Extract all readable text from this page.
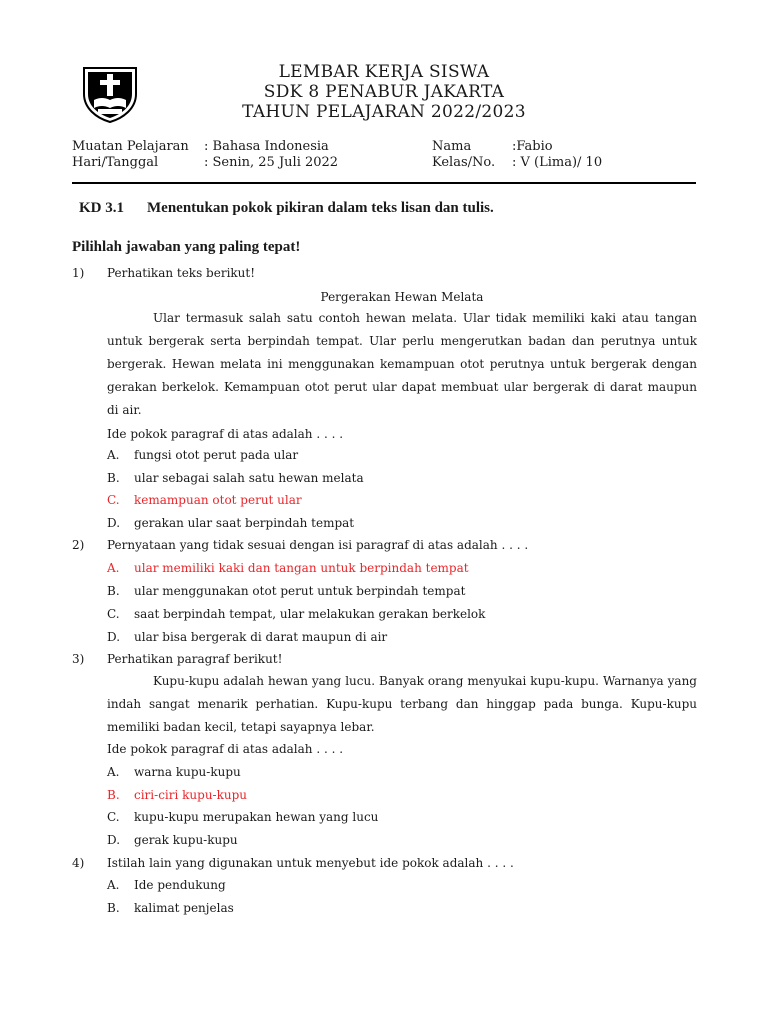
LEMBAR KERJA SISWA
SDK 8 PENABUR JAKARTA
TAHUN PELAJARAN 2022/2023
Muatan Pelajaran : Bahasa Indonesia
Hari/Tanggal	: Senin, 25 Juli 2022
Nama	:Fabio
Kelas/No. : V (Lima)/ 10
KD 3.1 Menentukan pokok pikiran dalam teks lisan dan tulis.
Pilihlah jawaban yang paling tepat!
1) Perhatikan teks berikut!
Pergerakan Hewan Melata

Ular termasuk salah satu contoh hewan melata. Ular tidak memiliki kaki atau tangan untuk bergerak serta berpindah tempat. Ular perlu mengerutkan badan dan perutnya untuk bergerak. Hewan melata ini menggunakan kemampuan otot perutnya untuk bergerak dengan gerakan berkelok. Kemampuan otot perut ular dapat membuat ular bergerak di darat maupun di air.

Ide pokok paragraf di atas adalah . . . .
A. fungsi otot perut pada ular
B. ular sebagai salah satu hewan melata
C. kemampuan otot perut ular
D. gerakan ular saat berpindah tempat
2) Pernyataan yang tidak sesuai dengan isi paragraf di atas adalah . . . .
A. ular memiliki kaki dan tangan untuk berpindah tempat
B. ular menggunakan otot perut untuk berpindah tempat
C. saat berpindah tempat, ular melakukan gerakan berkelok
D. ular bisa bergerak di darat maupun di air
3) Perhatikan paragraf berikut!

Kupu-kupu adalah hewan yang lucu. Banyak orang menyukai kupu-kupu. Warnanya yang indah sangat menarik perhatian. Kupu-kupu terbang dan hinggap pada bunga. Kupu-kupu memiliki badan kecil, tetapi sayapnya lebar.

Ide pokok paragraf di atas adalah . . . .
A. warna kupu-kupu
B. ciri-ciri kupu-kupu
C. kupu-kupu merupakan hewan yang lucu
D. gerak kupu-kupu
4) Istilah lain yang digunakan untuk menyebut ide pokok adalah . . . .
A. Ide pendukung
B. kalimat penjelas
